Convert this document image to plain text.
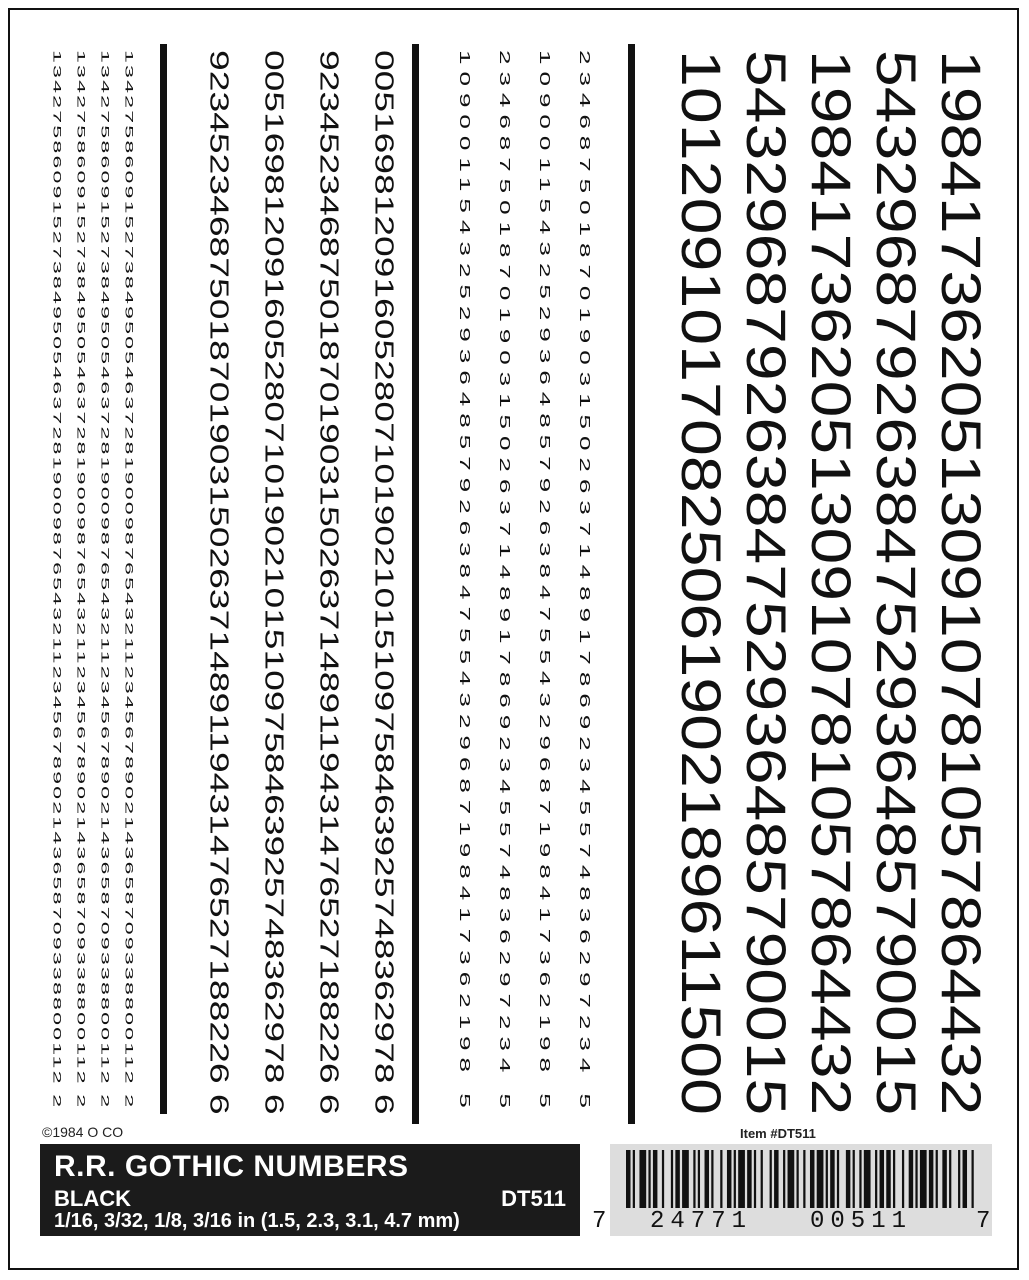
19841736205130910781057864432
54329687926384752936485790015
19841736205130910781057864432
54329687926384752936485790015
10120910170825061902189611500
234687501870190315026371489178692345574836297234 5
109001154325293648579263847554329687198417362198 5
234687501870190315026371489178692345574836297234 5
109001154325293648579263847554329687198417362198 5
00516981209160528071019021015109758463925748362978 6
92345234687501870190315026371489119431476527188226 6
00516981209160528071019021015109758463925748362978 6
92345234687501870190315026371489119431476527188226 6
134275860915273849505463728190098765432112345678902143658709338800112 2
134275860915273849505463728190098765432112345678902143658709338800112 2
134275860915273849505463728190098765432112345678902143658709338800112 2
134275860915273849505463728190098765432112345678902143658709338800112 2
©1984 O CO	Item #DT511
R.R. GOTHIC NUMBERS
BLACK	DT511
1/16, 3/32, 1/8, 3/16 in (1.5, 2.3, 3.1, 4.7 mm)	7 24771 00511	7
